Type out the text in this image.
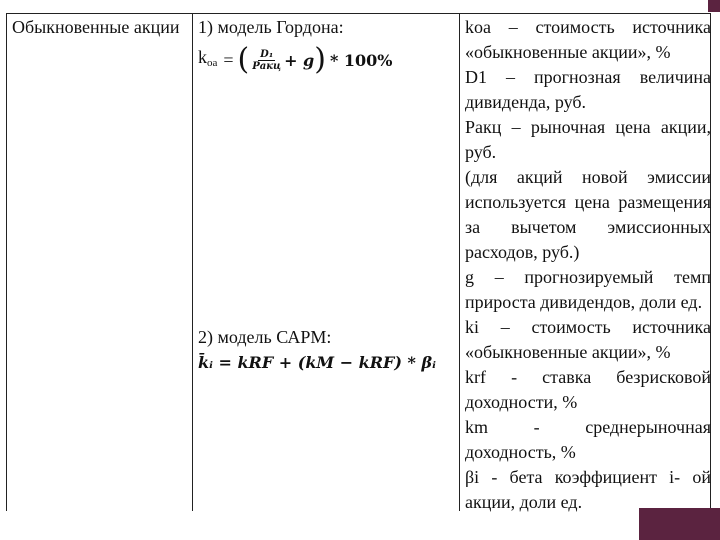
Обыкновенные акции 1) модель Гордона:
$k_{оа}$ = ( $\frac{\text{D₁}}{\text{Pакц}} + g$ ) * 100%
2) модель САРМ:
k̄ᵢ = kRF + (kM − kRF) * βᵢ
kоа – стоимость источника «обыкновенные акции», %
D1 – прогнозная величина дивиденда, руб.
Ракц – рыночная цена акции, руб.
(для акций новой эмиссии используется цена размещения за вычетом эмиссионных расходов, руб.)
g – прогнозируемый темп прироста дивидендов, доли ед.
ki – стоимость источника «обыкновенные акции», %
krf - ставка безрисковой доходности, %
km - среднерыночная доходность, %
βi - бета коэффициент i- ой акции, доли ед.
